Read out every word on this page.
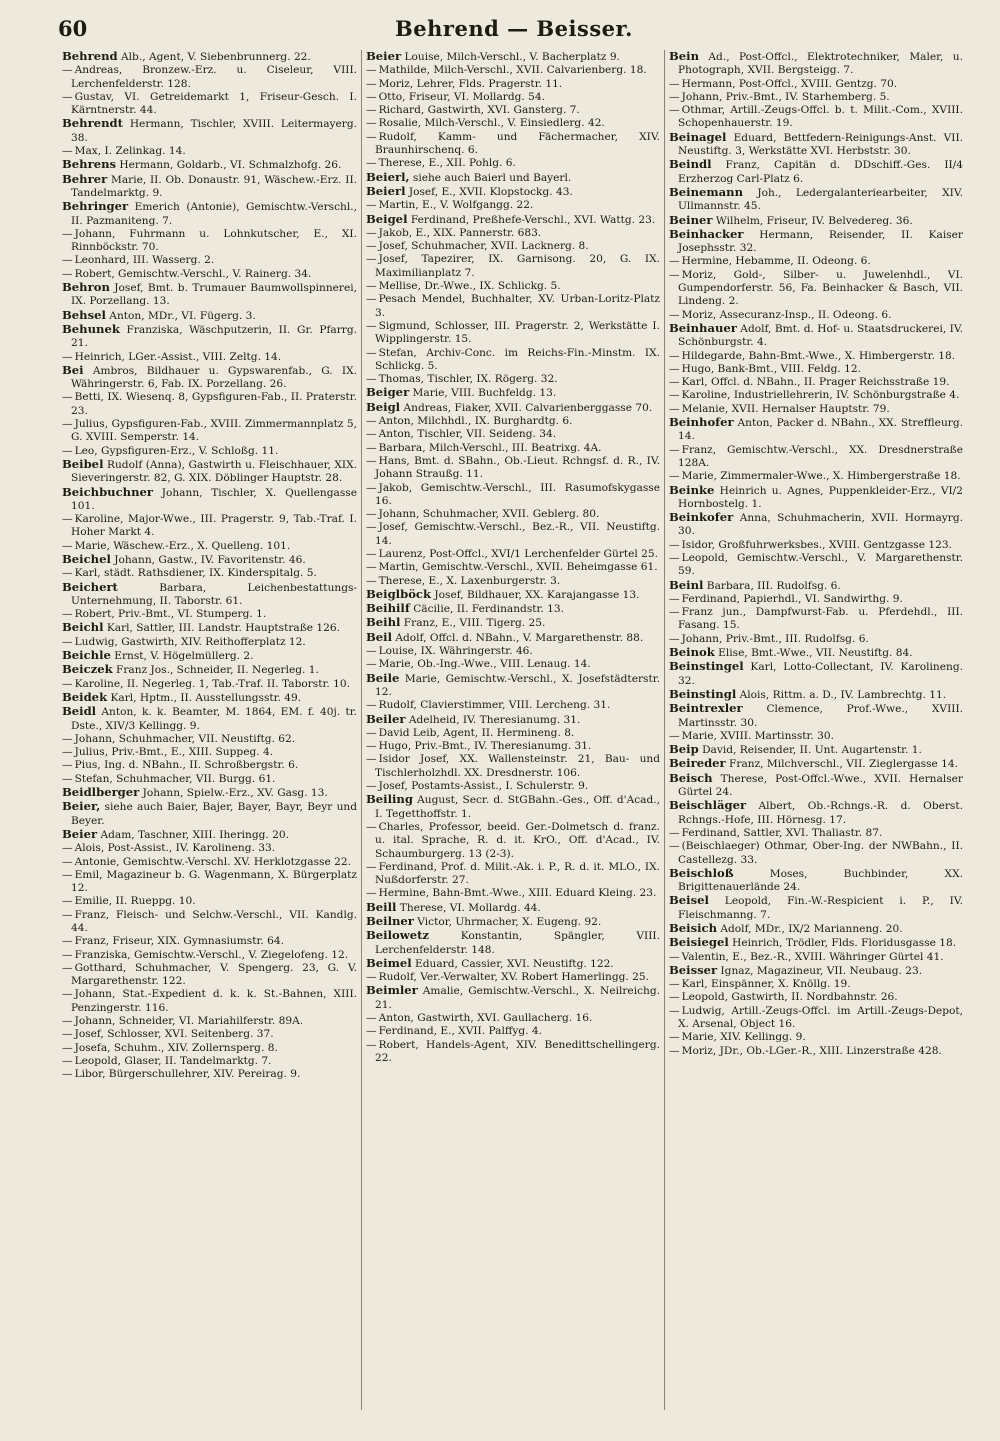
60	Behrend — Beisser.

Behrend Alb., Agent, V. Siebenbrunnerg. 22.

— Andreas, Bronzew.-Erz. u. Ciseleur, VIII. Lerchenfelderstr. 128.

— Gustav, VI. Getreidemarkt 1, Friseur-Gesch. I. Kärntnerstr. 44.

Behrendt Hermann, Tischler, XVIII. Leitermayerg. 38.

— Max, I. Zelinkag. 14.

Behrens Hermann, Goldarb., VI. Schmalzhofg. 26.

Behrer Marie, II. Ob. Donaustr. 91, Wäschew.-Erz. II. Tandelmarktg. 9.

Behringer Emerich (Antonie), Gemischtw.-Verschl., II. Pazmaniteng. 7.

— Johann, Fuhrmann u. Lohnkutscher, E., XI. Rinnböckstr. 70.

— Leonhard, III. Wasserg. 2.

— Robert, Gemischtw.-Verschl., V. Rainerg. 34.

Behron Josef, Bmt. b. Trumauer Baumwollspinnerei, IX. Porzellang. 13.

Behsel Anton, MDr., VI. Fügerg. 3.

Behunek Franziska, Wäschputzerin, II. Gr. Pfarrg. 21.

— Heinrich, LGer.-Assist., VIII. Zeltg. 14.

Bei Ambros, Bildhauer u. Gypswarenfab., G. IX. Währingerstr. 6, Fab. IX. Porzellang. 26.

— Betti, IX. Wiesenq. 8, Gypsfiguren-Fab., II. Praterstr. 23.

— Julius, Gypsfiguren-Fab., XVIII. Zimmermannplatz 5, G. XVIII. Semperstr. 14.

— Leo, Gypsfiguren-Erz., V. Schloßg. 11.

Beibel Rudolf (Anna), Gastwirth u. Fleischhauer, XIX. Sieveringerstr. 82, G. XIX. Döblinger Hauptstr. 28.

Beichbuchner Johann, Tischler, X. Quellengasse 101.

— Karoline, Major-Wwe., III. Pragerstr. 9, Tab.-Traf. I. Hoher Markt 4.

— Marie, Wäschew.-Erz., X. Quelleng. 101.

Beichel Johann, Gastw., IV. Favoritenstr. 46.

— Karl, städt. Rathsdiener, IX. Kinderspitalg. 5.

Beichert	Barbara, Leichenbestattungs-Unternehmung, II. Taborstr. 61.

— Robert, Priv.-Bmt., VI. Stumperg. 1.

Beichl Karl, Sattler, III. Landstr. Hauptstraße 126.

— Ludwig, Gastwirth, XIV. Reithofferplatz 12.

Beichle Ernst, V. Högelmüllerg. 2.

Beiczek Franz Jos., Schneider, II. Negerleg. 1.

— Karoline, II. Negerleg. 1, Tab.-Traf. II. Taborstr. 10.

Beidek Karl, Hptm., II. Ausstellungsstr. 49.

Beidl Anton, k. k. Beamter, M. 1864, EM. f. 40j. tr. Dste., XIV/3 Kellingg. 9.

— Johann, Schuhmacher, VII. Neustiftg. 62.

— Julius, Priv.-Bmt., E., XIII. Suppeg. 4.

— Pius, Ing. d. NBahn., II. Schroßbergstr. 6.

— Stefan, Schuhmacher, VII. Burgg. 61.

Beidlberger Johann, Spielw.-Erz., XV. Gasg. 13.

Beier, siehe auch Baier, Bajer, Bayer, Bayr, Beyr und Beyer.

Beier Adam, Taschner, XIII. Iheringg. 20.

— Alois, Post-Assist., IV. Karolineng. 33.

— Antonie, Gemischtw.-Verschl. XV. Herklotzgasse 22.

— Emil, Magazineur b. G. Wagenmann, X. Bürgerplatz 12.

— Emilie, II. Rueppg. 10.

— Franz, Fleisch- und Selchw.-Verschl., VII. Kandlg. 44.

— Franz, Friseur, XIX. Gymnasiumstr. 64.

— Franziska, Gemischtw.-Verschl., V. Ziegelofeng. 12.

— Gotthard, Schuhmacher, V. Spengerg. 23, G. V. Margarethenstr. 122.

— Johann, Stat.-Expedient d. k. k. St.-Bahnen, XIII. Penzingerstr. 116.

— Johann, Schneider, VI. Mariahilferstr. 89A.

— Josef, Schlosser, XVI. Seitenberg. 37.

— Josefa, Schuhm., XIV. Zollernsperg. 8.

— Leopold, Glaser, II. Tandelmarktg. 7.

— Libor, Bürgerschullehrer, XIV. Pereirag. 9.

Beier Louise, Milch-Verschl., V. Bacherplatz 9.

— Mathilde, Milch-Verschl., XVII. Calvarienberg. 18.

— Moriz, Lehrer, Flds. Pragerstr. 11.

— Otto, Friseur, VI. Mollardg. 54.

— Richard, Gastwirth, XVI. Gansterg. 7.

— Rosalie, Milch-Verschl., V. Einsiedlerg. 42.

— Rudolf, Kamm- und Fächermacher, XIV. Braunhirschenq. 6.

— Therese, E., XII. Pohlg. 6.

Beierl, siehe auch Baierl und Bayerl.

Beierl Josef, E., XVII. Klopstockg. 43.

— Martin, E., V. Wolfgangg. 22.

Beigel Ferdinand, Preßhefe-Verschl., XVI. Wattg. 23.

— Jakob, E., XIX. Pannerstr. 683.

— Josef, Schuhmacher, XVII. Lacknerg. 8.

— Josef, Tapezirer, IX. Garnisong. 20, G. IX. Maximilianplatz 7.

— Mellise, Dr.-Wwe., IX. Schlickg. 5.

— Pesach Mendel, Buchhalter, XV. Urban-Loritz-Platz 3.

— Sigmund, Schlosser, III. Pragerstr. 2, Werkstätte I. Wipplingerstr. 15.

— Stefan, Archiv-Conc. im Reichs-Fin.-Minstm. IX. Schlickg. 5.

— Thomas, Tischler, IX. Rögerg. 32.

Beiger Marie, VIII. Buchfeldg. 13.

Beigl Andreas, Fiaker, XVII. Calvarienberggasse 70.

— Anton, Milchhdl., IX. Burghardtg. 6.

— Anton, Tischler, VII. Seideng. 34.

— Barbara, Milch-Verschl., III. Beatrixg. 4A.

— Hans, Bmt. d. SBahn., Ob.-Lieut. Rchngsf. d. R., IV. Johann Straußg. 11.

— Jakob, Gemischtw.-Verschl., III. Rasumofskygasse 16.

— Johann, Schuhmacher, XVII. Geblerg. 80.

— Josef, Gemischtw.-Verschl., Bez.-R., VII. Neustiftg. 14.

— Laurenz, Post-Offcl., XVI/1 Lerchenfelder Gürtel 25.

— Martin, Gemischtw.-Verschl., XVII. Beheimgasse 61.

— Therese, E., X. Laxenburgerstr. 3.

Beiglböck Josef, Bildhauer, XX. Karajangasse 13.

Beihilf Cäcilie, II. Ferdinandstr. 13.

Beihl Franz, E., VIII. Tigerg. 25.

Beil Adolf, Offcl. d. NBahn., V. Margarethenstr. 88.

— Louise, IX. Währingerstr. 46.

— Marie, Ob.-Ing.-Wwe., VIII. Lenaug. 14.

Beile Marie, Gemischtw.-Verschl., X. Josefstädterstr. 12.

— Rudolf, Clavierstimmer, VIII. Lercheng. 31.

Beiler Adelheid, IV. Theresianumg. 31.

— David Leib, Agent, II. Hermineng. 8.

— Hugo, Priv.-Bmt., IV. Theresianumg. 31.

— Isidor Josef, XX. Wallensteinstr. 21, Bau- und Tischlerholzhdl. XX. Dresdnerstr. 106.

— Josef, Postamts-Assist., I. Schulerstr. 9.

Beiling August, Secr. d. StGBahn.-Ges., Off. d'Acad., I. Tegetthoffstr. 1.

— Charles, Professor, beeid. Ger.-Dolmetsch d. franz. u. ital. Sprache, R. d. it. KrO., Off. d'Acad., IV. Schaumburgerg. 13 (2-3).

— Ferdinand, Prof. d. Milit.-Ak. i. P., R. d. it. MLO., IX. Nußdorferstr. 27.

— Hermine, Bahn-Bmt.-Wwe., XIII. Eduard Kleing. 23.

Beill Therese, VI. Mollardg. 44.

Beilner Victor, Uhrmacher, X. Eugeng. 92.

Beilowetz	Konstantin, Spängler, VIII. Lerchenfelderstr. 148.

Beimel Eduard, Cassier, XVI. Neustiftg. 122.

— Rudolf, Ver.-Verwalter, XV. Robert Hamerlingg. 25.

Beimler Amalie, Gemischtw.-Verschl., X. Neilreichg. 21.

— Anton, Gastwirth, XVI. Gaullacherg. 16.

— Ferdinand, E., XVII. Palffyg. 4.

— Robert, Handels-Agent, XIV. Benedittschellingerg. 22.

Bein Ad., Post-Offcl., Elektrotechniker, Maler, u. Photograph, XVII. Bergsteigg. 7.

— Hermann, Post-Offcl., XVIII. Gentzg. 70.

— Johann, Priv.-Bmt., IV. Starhemberg. 5.

— Othmar, Artill.-Zeugs-Offcl. b. t. Milit.-Com., XVIII. Schopenhauerstr. 19.

Beinagel Eduard, Bettfedern-Reinigungs-Anst. VII. Neustiftg. 3, Werkstätte XVI. Herbststr. 30.

Beindl Franz, Capitän d. DDschiff.-Ges. II/4 Erzherzog Carl-Platz 6.

Beinemann Joh., Ledergalanteriearbeiter, XIV. Ullmannstr. 45.

Beiner Wilhelm, Friseur, IV. Belvedereg. 36.

Beinhacker Hermann, Reisender, II. Kaiser Josephsstr. 32.

— Hermine, Hebamme, II. Odeong. 6.

— Moriz, Gold-, Silber- u. Juwelenhdl., VI. Gumpendorferstr. 56, Fa. Beinhacker & Basch, VII. Lindeng. 2.

— Moriz, Assecuranz-Insp., II. Odeong. 6.

Beinhauer Adolf, Bmt. d. Hof- u. Staatsdruckerei, IV. Schönburgstr. 4.

— Hildegarde, Bahn-Bmt.-Wwe., X. Himbergerstr. 18.

— Hugo, Bank-Bmt., VIII. Feldg. 12.

— Karl, Offcl. d. NBahn., II. Prager Reichsstraße 19.

— Karoline, Industriellehrerin, IV. Schönburgstraße 4.

— Melanie, XVII. Hernalser Hauptstr. 79.

Beinhofer Anton, Packer d. NBahn., XX. Streffleurg. 14.

— Franz, Gemischtw.-Verschl., XX. Dresdnerstraße 128A.

— Marie, Zimmermaler-Wwe., X. Himbergerstraße 18.

Beinke Heinrich u. Agnes, Puppenkleider-Erz., VI/2 Hornbostelg. 1.

Beinkofer Anna, Schuhmacherin, XVII. Hormayrg. 30.

— Isidor, Großfuhrwerksbes., XVIII. Gentzgasse 123.

— Leopold, Gemischtw.-Verschl., V. Margarethenstr. 59.

Beinl Barbara, III. Rudolfsg. 6.

— Ferdinand, Papierhdl., VI. Sandwirthg. 9.

— Franz jun., Dampfwurst-Fab. u. Pferdehdl., III. Fasang. 15.

— Johann, Priv.-Bmt., III. Rudolfsg. 6.

Beinok Elise, Bmt.-Wwe., VII. Neustiftg. 84.

Beinstingel Karl, Lotto-Collectant, IV. Karolineng. 32.

Beinstingl Alois, Rittm. a. D., IV. Lambrechtg. 11.

Beintrexler Clemence, Prof.-Wwe., XVIII. Martinsstr. 30.

— Marie, XVIII. Martinsstr. 30.

Beip David, Reisender, II. Unt. Augartenstr. 1.

Beireder Franz, Milchverschl., VII. Zieglergasse 14.

Beisch Therese, Post-Offcl.-Wwe., XVII. Hernalser Gürtel 24.

Beischläger Albert, Ob.-Rchngs.-R. d. Oberst. Rchngs.-Hofe, III. Hörnesg. 17.

— Ferdinand, Sattler, XVI. Thaliastr. 87.

— (Beischlaeger) Othmar, Ober-Ing. der NWBahn., II. Castellezg. 33.

Beischloß	Moses, Buchbinder, XX. Brigittenauerlände 24.

Beisel Leopold, Fin.-W.-Respicient i. P., IV. Fleischmanng. 7.

Beisich Adolf, MDr., IX/2 Marianneng. 20.

Beisiegel Heinrich, Trödler, Flds. Floridusgasse 18.

— Valentin, E., Bez.-R., XVIII. Währinger Gürtel 41.

Beisser Ignaz, Magazineur, VII. Neubaug. 23.

— Karl, Einspänner, X. Knöllg. 19.

— Leopold, Gastwirth, II. Nordbahnstr. 26.

— Ludwig, Artill.-Zeugs-Offcl. im Artill.-Zeugs-Depot, X. Arsenal, Object 16.

— Marie, XIV. Kellingg. 9.

— Moriz, JDr., Ob.-LGer.-R., XIII. Linzerstraße 428.
